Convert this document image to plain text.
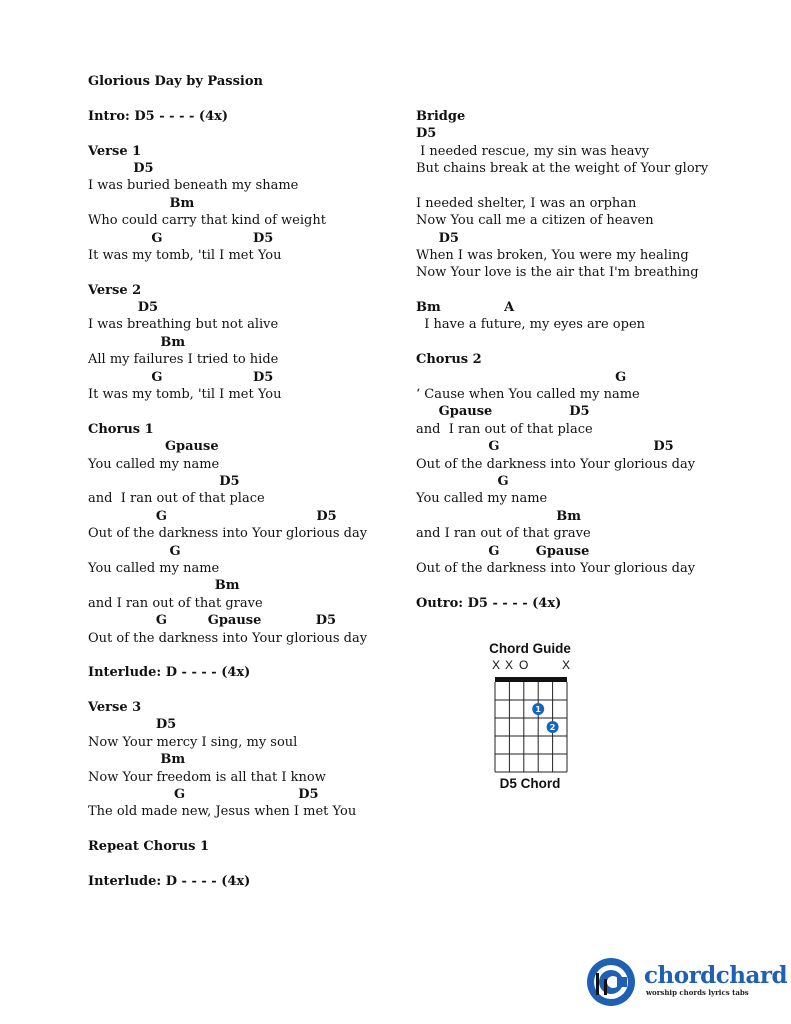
Glorious Day by Passion
Intro: D5 - - - - (4x)
Verse 1
D5
I was buried beneath my shame
Bm
Who could carry that kind of weight
G                    D5
It was my tomb, 'til I met You
Verse 2
D5
I was breathing but not alive
Bm
All my failures I tried to hide
G                    D5
It was my tomb, 'til I met You
Chorus 1
Gpause
You called my name
D5
and  I ran out of that place
G                                 D5
Out of the darkness into Your glorious day
G
You called my name
Bm
and I ran out of that grave
G         Gpause            D5
Out of the darkness into Your glorious day
Interlude: D - - - - (4x)
Verse 3
D5
Now Your mercy I sing, my soul
Bm
Now Your freedom is all that I know
G                         D5
The old made new, Jesus when I met You
Repeat Chorus 1
Interlude: D - - - - (4x)
Bridge
D5
I needed rescue, my sin was heavy
But chains break at the weight of Your glory
I needed shelter, I was an orphan
Now You call me a citizen of heaven
D5
When I was broken, You were my healing
Now Your love is the air that I'm breathing
Bm              A
I have a future, my eyes are open
Chorus 2
G
‘ Cause when You called my name
Gpause                 D5
and  I ran out of that place
G                                  D5
Out of the darkness into Your glorious day
G
You called my name
Bm
and I ran out of that grave
G        Gpause
Out of the darkness into Your glorious day
Outro: D5 - - - - (4x)
Chord Guide
X X O	X
1
2
D5 Chord
chordchard
worship chords lyrics tabs
